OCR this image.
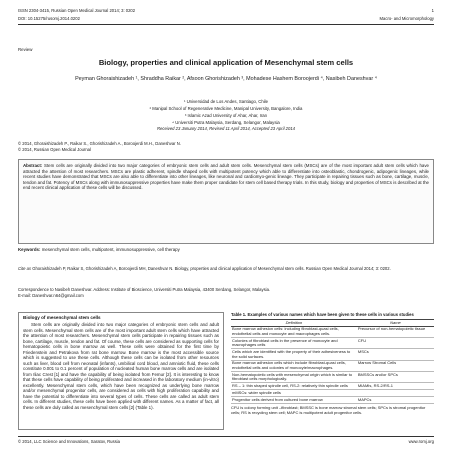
ISSN 2304-3415, Russian Open Medical Journal 2014; 3: 0202	1
DOI: 10.15275/rusomj.2014.0202	Macro- and Micromorphology
Review
Biology, properties and clinical application of Mesenchymal stem cells
Peyman Ghoraishizadeh ¹, Shraddha Raikar ², Afsoon Ghorishizadeh ³, Mohadese Hashem Boroojerdi ⁴, Nasibeh Daneshvar ⁴
¹ Universidad de Los Andes, Santiago, Chile
² Manipal School of Regenerative Medicine, Manipal University, Bangalore, India
³ Islamic Azad University of Ahar, Ahar, Iran
⁴ Universiti Putra Malaysia, Serdang, Selangor, Malaysia
Received 23 January 2014, Revised 11 April 2014, Accepted 23 April 2014
© 2014, Ghoraishizadeh P., Raikar S., Ghorishizadeh A., Boroojerdi M.H., Daneshvar N.
© 2014, Russian Open Medical Journal

Abstract: Stem cells are originally divided into two major categories of embryonic stem cells and adult stem cells. Mesenchymal stem cells (MSCs) are of the most important adult stem cells which have attracted the attention of most researchers. MSCs are plastic adherent, spindle shaped cells with multipotent potency which able to differentiate into osteoblastic, chondrogenic, adipogenic lineages, while recent studies have demonstrated that MSCs are also able to differentiate into other lineages, like neuronal and cardiomyo-genic lineage. They participate in repairing tissues such as bone, cartilage, muscle, tendon and fat. Potency of MSCs along with immunosuppressive properties have make them proper candidate for stem cell based therapy trials. In this study, biology and properties of MSCs is described at the end recent clinical application of these cells will be discussed.

Keywords: mesenchymal stem cells, multipotent, immunosuppressive, cell therapy
Cite as Ghoraishizadeh P, Raikar S, Ghorishizadeh A, Boroojerdi MH, Daneshvar N. Biology, properties and clinical application of Mesenchymal stem cells. Russian Open Medical Journal 2014; 3: 0202.
Correspondence to Nasibeh Daneshvar. Address: Institute of Bioscience, Universiti Putra Malaysia, 43400 Serdang, Selangor, Malaysia.
E-mail: Daneshvar.n64@gmail.com
Biology of mesenchymal stem cells

Stem cells are originally divided into two major categories of embryonic stem cells and adult stem cells. Mesenchymal stem cells are of the most important adult stem cells which have attracted the attention of most researchers. Mesenchymal stem cells participate in repairing tissues such as bone, cartilage, muscle, tendon and fat. Of course, these cells are considered as supporting cells for hematopoietic cells in bone marrow as well. These cells were obtained for the first time by Friedenstein and Petrakova from rat bone marrow. Bone marrow is the most accessible source which is suggested to use these cells. Although these cells can be isolated from other resources such as liver, blood cell from neonatal (infants), umbilical cord blood, and amniotic fluid, these cells constitute 0.001 to 0.1 percent of population of nucleated human bone marrow cells and are isolated from Iliac Crest [1] and have the capability of being isolated from Femur [2]. It is interesting to know that these cells have capability of being proliferated and increased in the laboratory medium (in-vitro) excellently. Mesenchymal stem cells, which have been recognized as underlying bone marrow and/or mesenchymal progenitor cells, are considered as cells with high proliferation capability and have the potential to differentiate into several types of cells. These cells are called as adult stem cells. In different studies, these cells have been applied with different names. As a matter of fact, all these cells are duly called as mesenchymal stem cells [2] (Table 1).

Table 1. Examples of various names which have been given to these cells in various studies
Definition	Name
Bone marrow adhesion cells: including fibroblast-quasi cells, endothelial cells and monocyte and macrophages cells.	Precursor of non-hematopoietic tissue
Colonies of fibroblast cells in the presence of monocyte and macrophages cells	CFU
Cells which are identified with the property of their adhesiveness to the solid surfaces.	MSCs
Bone marrow adhesion cells which include fibroblast-quasi cells, endothelial cells and colonies of monocyte/macrophages.	Marrow Stromal Cells
Non-hematopoietic cells with mesenchymal origin which is similar to fibroblast cells morphologically.	BMSSCs and/or SPCs
RS – 1: thin shaped spindle cell, RS-2: relatively thin spindle cells	MIAMIs, RS-2/RS-1
mMSCs: wider spindle cells	
Progenitor cells derived from cultured bone marrow	MAPCs
CFU is colony forming unit –fibroblast; BMSSC is bone marrow stromal stem cells; SPCs is stromal progenitor cells; RS is recycling stem cell; MAPC is multipotent adult progenitor cells.
© 2014, LLC Science and Innovations, Saratov, Russia	www.romj.org
